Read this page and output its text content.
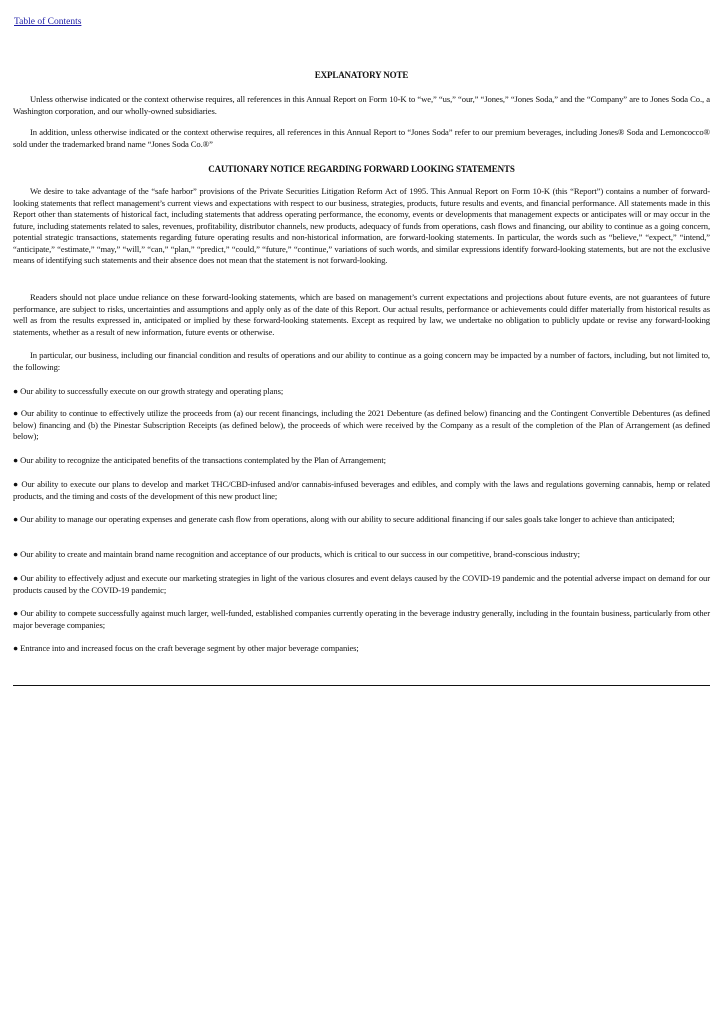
Table of Contents
EXPLANATORY NOTE
Unless otherwise indicated or the context otherwise requires, all references in this Annual Report on Form 10-K to “we,” “us,” “our,” “Jones,” “Jones Soda,” and the “Company” are to Jones Soda Co., a Washington corporation, and our wholly-owned subsidiaries.
In addition, unless otherwise indicated or the context otherwise requires, all references in this Annual Report to “Jones Soda” refer to our premium beverages, including Jones® Soda and Lemoncocco® sold under the trademarked brand name “Jones Soda Co.®”
CAUTIONARY NOTICE REGARDING FORWARD LOOKING STATEMENTS
We desire to take advantage of the “safe harbor” provisions of the Private Securities Litigation Reform Act of 1995. This Annual Report on Form 10-K (this “Report”) contains a number of forward-looking statements that reflect management’s current views and expectations with respect to our business, strategies, products, future results and events, and financial performance. All statements made in this Report other than statements of historical fact, including statements that address operating performance, the economy, events or developments that management expects or anticipates will or may occur in the future, including statements related to sales, revenues, profitability, distributor channels, new products, adequacy of funds from operations, cash flows and financing, our ability to continue as a going concern, potential strategic transactions, statements regarding future operating results and non-historical information, are forward-looking statements. In particular, the words such as “believe,” “expect,” “intend,” “anticipate,” “estimate,” “may,” “will,” “can,” “plan,” “predict,” “could,” “future,” “continue,” variations of such words, and similar expressions identify forward-looking statements, but are not the exclusive means of identifying such statements and their absence does not mean that the statement is not forward-looking.
Readers should not place undue reliance on these forward-looking statements, which are based on management’s current expectations and projections about future events, are not guarantees of future performance, are subject to risks, uncertainties and assumptions and apply only as of the date of this Report. Our actual results, performance or achievements could differ materially from historical results as well as from the results expressed in, anticipated or implied by these forward-looking statements. Except as required by law, we undertake no obligation to publicly update or revise any forward-looking statements, whether as a result of new information, future events or otherwise.
In particular, our business, including our financial condition and results of operations and our ability to continue as a going concern may be impacted by a number of factors, including, but not limited to, the following:
● Our ability to successfully execute on our growth strategy and operating plans;
● Our ability to continue to effectively utilize the proceeds from (a) our recent financings, including the 2021 Debenture (as defined below) financing and the Contingent Convertible Debentures (as defined below) financing and (b) the Pinestar Subscription Receipts (as defined below), the proceeds of which were received by the Company as a result of the completion of the Plan of Arrangement (as defined below);
● Our ability to recognize the anticipated benefits of the transactions contemplated by the Plan of Arrangement;
● Our ability to execute our plans to develop and market THC/CBD-infused and/or cannabis-infused beverages and edibles, and comply with the laws and regulations governing cannabis, hemp or related products, and the timing and costs of the development of this new product line;
● Our ability to manage our operating expenses and generate cash flow from operations, along with our ability to secure additional financing if our sales goals take longer to achieve than anticipated;
● Our ability to create and maintain brand name recognition and acceptance of our products, which is critical to our success in our competitive, brand-conscious industry;
● Our ability to effectively adjust and execute our marketing strategies in light of the various closures and event delays caused by the COVID-19 pandemic and the potential adverse impact on demand for our products caused by the COVID-19 pandemic;
● Our ability to compete successfully against much larger, well-funded, established companies currently operating in the beverage industry generally, including in the fountain business, particularly from other major beverage companies;
● Entrance into and increased focus on the craft beverage segment by other major beverage companies;
